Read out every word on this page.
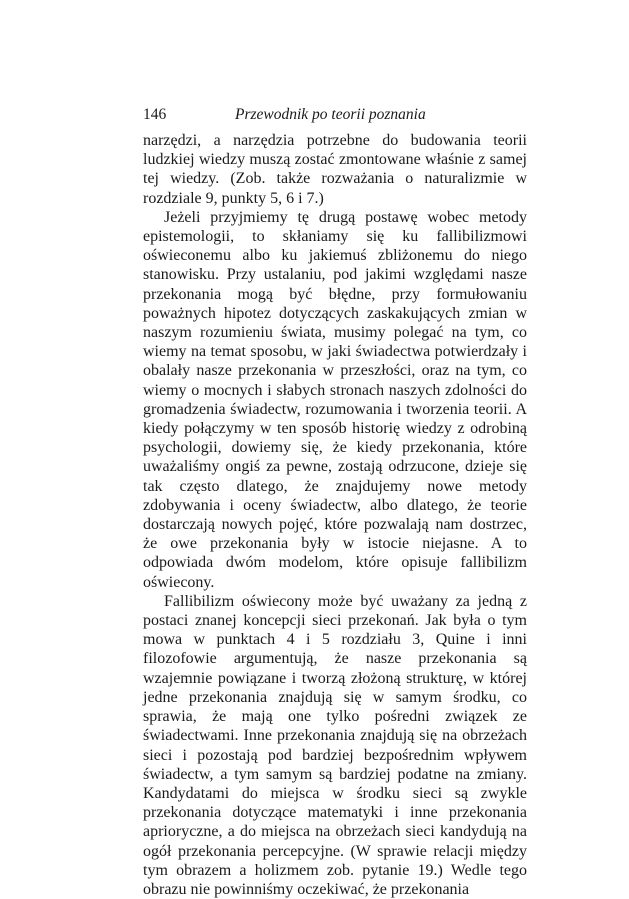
146	Przewodnik po teorii poznania

narzędzi, a narzędzia potrzebne do budowania teorii ludzkiej wiedzy muszą zostać zmontowane właśnie z samej tej wiedzy. (Zob. także rozważania o naturalizmie w rozdziale 9, punkty 5, 6 i 7.)

Jeżeli przyjmiemy tę drugą postawę wobec metody epistemologii, to skłaniamy się ku fallibilizmowi oświeconemu albo ku jakiemuś zbliżonemu do niego stanowisku. Przy ustalaniu, pod jakimi względami nasze przekonania mogą być błędne, przy formułowaniu poważnych hipotez dotyczących zaskakujących zmian w naszym rozumieniu świata, musimy polegać na tym, co wiemy na temat sposobu, w jaki świadectwa potwierdzały i obalały nasze przekonania w przeszłości, oraz na tym, co wiemy o mocnych i słabych stronach naszych zdolności do gromadzenia świadectw, rozumowania i tworzenia teorii. A kiedy połączymy w ten sposób historię wiedzy z odrobiną psychologii, dowiemy się, że kiedy przekonania, które uważaliśmy ongiś za pewne, zostają odrzucone, dzieje się tak często dlatego, że znajdujemy nowe metody zdobywania i oceny świadectw, albo dlatego, że teorie dostarczają nowych pojęć, które pozwalają nam dostrzec, że owe przekonania były w istocie niejasne. A to odpowiada dwóm modelom, które opisuje fallibilizm oświecony.

Fallibilizm oświecony może być uważany za jedną z postaci znanej koncepcji sieci przekonań. Jak była o tym mowa w punktach 4 i 5 rozdziału 3, Quine i inni filozofowie argumentują, że nasze przekonania są wzajemnie powiązane i tworzą złożoną strukturę, w której jedne przekonania znajdują się w samym środku, co sprawia, że mają one tylko pośredni związek ze świadectwami. Inne przekonania znajdują się na obrzeżach sieci i pozostają pod bardziej bezpośrednim wpływem świadectw, a tym samym są bardziej podatne na zmiany. Kandydatami do miejsca w środku sieci są zwykle przekonania dotyczące matematyki i inne przekonania aprioryczne, a do miejsca na obrzeżach sieci kandydują na ogół przekonania percepcyjne. (W sprawie relacji między tym obrazem a holizmem zob. pytanie 19.) Wedle tego obrazu nie powinniśmy oczekiwać, że przekonania
